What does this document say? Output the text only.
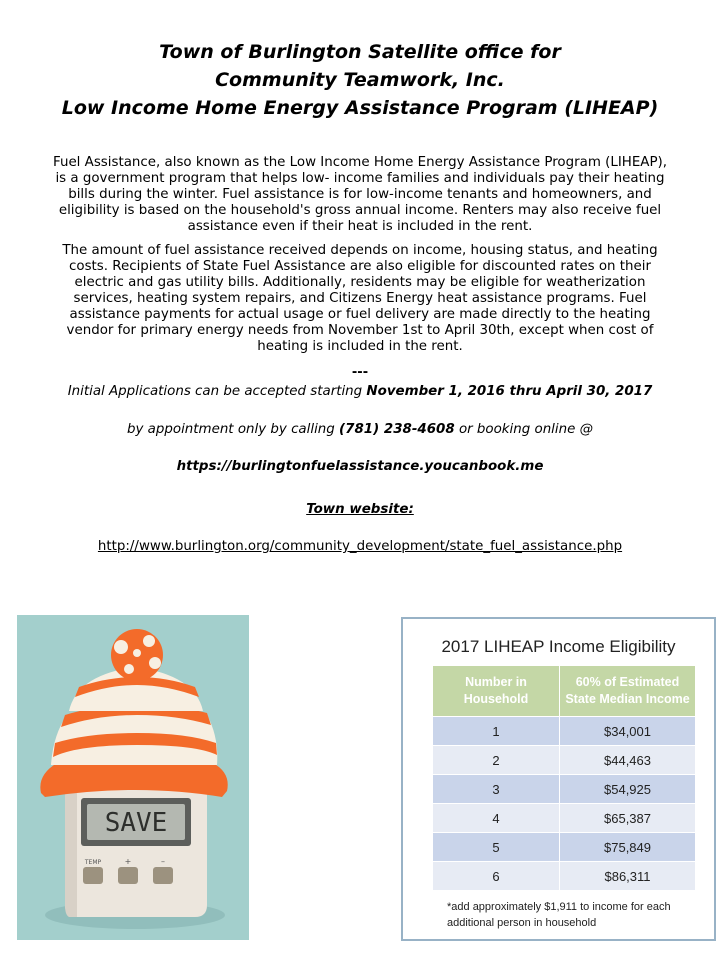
Town of Burlington Satellite office for
Community Teamwork, Inc.
Low Income Home Energy Assistance Program (LIHEAP)
Fuel Assistance, also known as the Low Income Home Energy Assistance Program (LIHEAP), is a government program that helps low- income families and individuals pay their heating bills during the winter. Fuel assistance is for low-income tenants and homeowners, and eligibility is based on the household's gross annual income. Renters may also receive fuel assistance even if their heat is included in the rent.
The amount of fuel assistance received depends on income, housing status, and heating costs. Recipients of State Fuel Assistance are also eligible for discounted rates on their electric and gas utility bills. Additionally, residents may be eligible for weatherization services, heating system repairs, and Citizens Energy heat assistance programs. Fuel assistance payments for actual usage or fuel delivery are made directly to the heating vendor for primary energy needs from November 1st to April 30th, except when cost of heating is included in the rent.
---
Initial Applications can be accepted starting November 1, 2016 thru April 30, 2017
by appointment only by calling (781) 238-4608 or booking online @
https://burlingtonfuelassistance.youcanbook.me
Town website:
http://www.burlington.org/community_development/state_fuel_assistance.php
SAVE
TEMP	+	–
2017 LIHEAP Income Eligibility
Number in Household	60% of Estimated State Median Income
1	$34,001
2	$44,463
3	$54,925
4	$65,387
5	$75,849
6	$86,311
*add approximately $1,911 to income for each additional person in household
